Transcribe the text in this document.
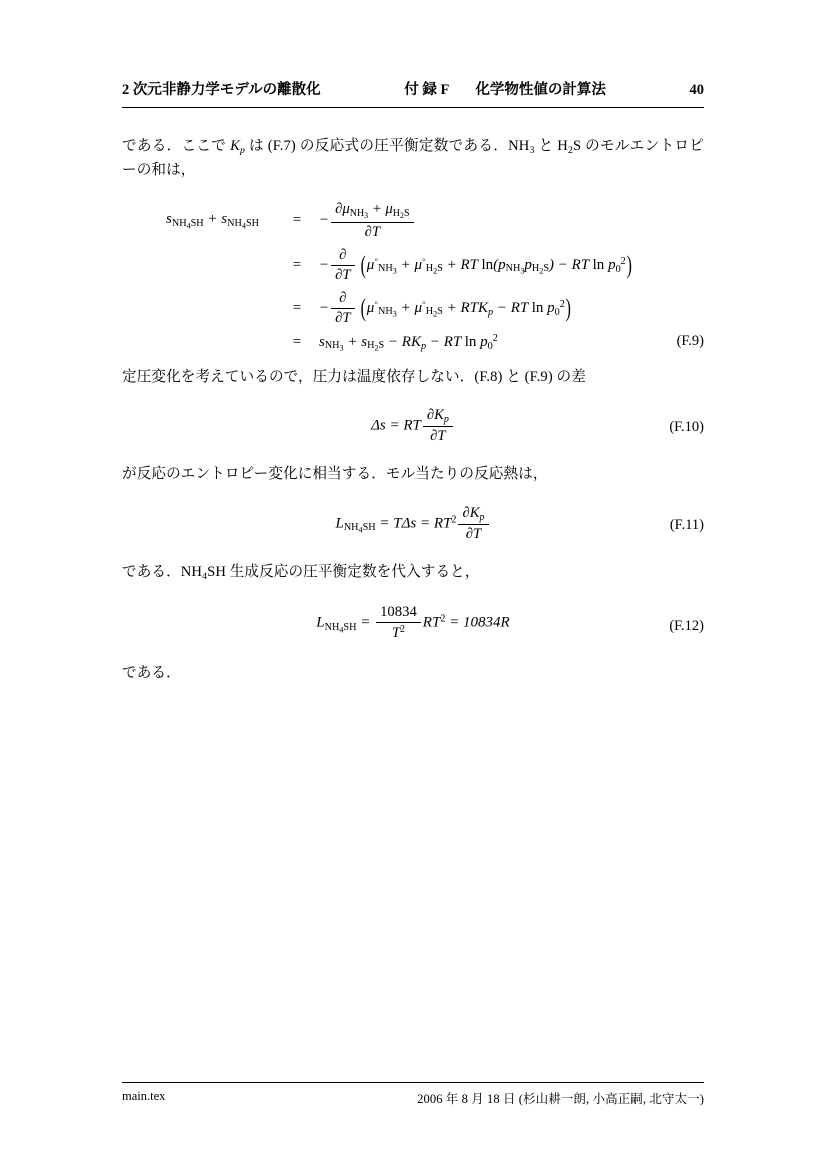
2 次元非静力学モデルの離散化	付 録 F 化学物性値の計算法	40

である．ここで $K_p$ は (F.7) の反応式の圧平衡定数である．$NH_3$ と $H_2S$ のモルエントロピーの和は，

$s_{NH_4SH} + s_{NH_4SH}$	=	− $\frac{\partial\mu_{NH_3} + \mu_{H_2S}}{\partial T}$

	=	− $\frac{\partial}{\partial T} (\mu^◦_{NH_3} + \mu^◦_{H_2S}$ + RT $\ln(p_{NH_3}p_{H_2S})$ − RT $\ln p_0^2$)
	=	− $\frac{\partial}{\partial T} (\mu^◦_{NH_3} + \mu^◦_{H_2S} + RTK_p$ − RT $\ln p_0^2$)
	=	$s_{NH_3} + s_{H_2S} - RK_p$ − RT $\ln p_0^2$	(F.9)

定圧変化を考えているので，圧力は温度依存しない．(F.8) と (F.9) の差

Δs = RT $\frac{\partial K_p}{\partial T}$	(F.10)

が反応のエントロピー変化に相当する．モル当たりの反応熱は，

$L_{NH_4SH} = T\Delta s = RT^2 \frac{\partial K_p}{\partial T}$	(F.11)

である．$NH_4SH$ 生成反応の圧平衡定数を代入すると，

$L_{NH_4SH} = \frac{10834}{T^2} RT^2 = 10834R$	(F.12)

である．

main.tex	2006 年 8 月 18 日 (杉山耕一朗, 小高正嗣, 北守太一)
